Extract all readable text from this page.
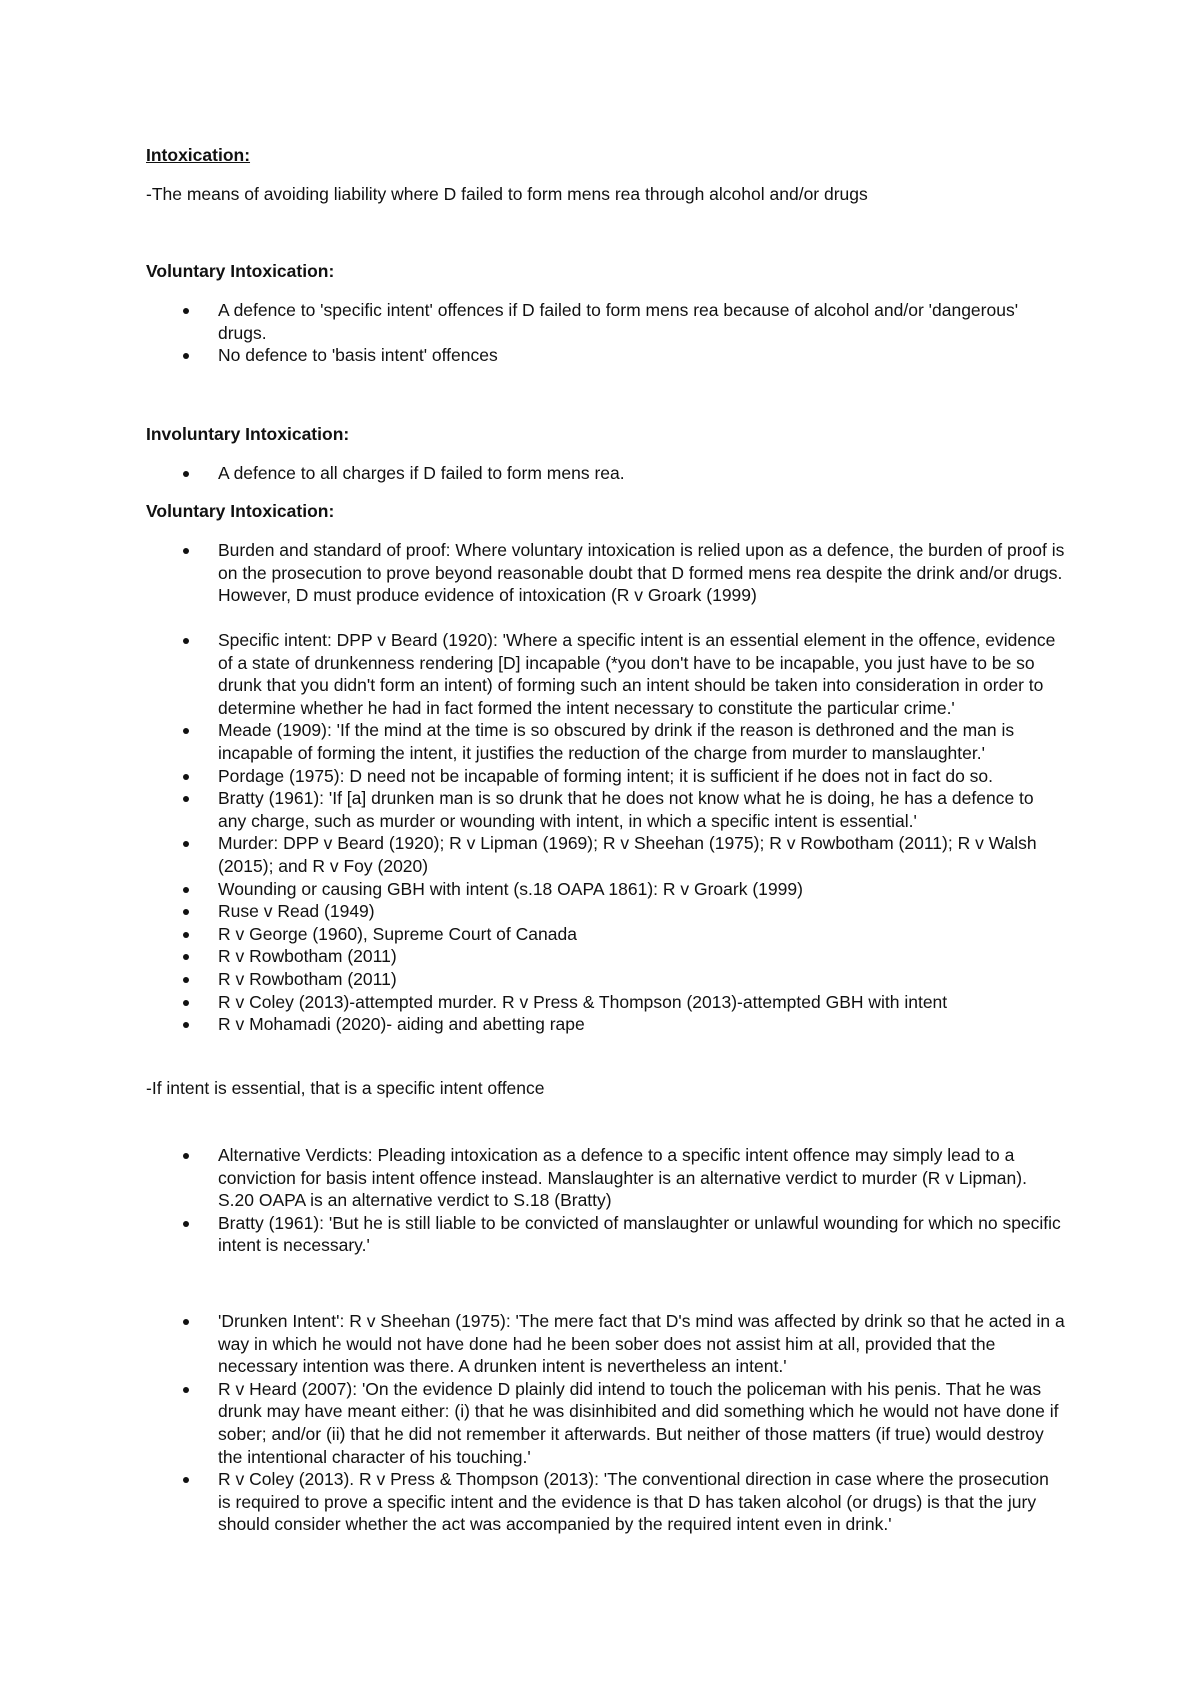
Intoxication:

-The means of avoiding liability where D failed to form mens rea through alcohol and/or drugs

Voluntary Intoxication:

A defence to 'specific intent' offences if D failed to form mens rea because of alcohol and/or 'dangerous' drugs.
No defence to 'basis intent' offences

Involuntary Intoxication:

A defence to all charges if D failed to form mens rea.

Voluntary Intoxication:

Burden and standard of proof: Where voluntary intoxication is relied upon as a defence, the burden of proof is on the prosecution to prove beyond reasonable doubt that D formed mens rea despite the drink and/or drugs. However, D must produce evidence of intoxication (R v Groark (1999)
Specific intent: DPP v Beard (1920): 'Where a specific intent is an essential element in the offence, evidence of a state of drunkenness rendering [D] incapable (*you don't have to be incapable, you just have to be so drunk that you didn't form an intent) of forming such an intent should be taken into consideration in order to determine whether he had in fact formed the intent necessary to constitute the particular crime.'
Meade (1909): 'If the mind at the time is so obscured by drink if the reason is dethroned and the man is incapable of forming the intent, it justifies the reduction of the charge from murder to manslaughter.'
Pordage (1975): D need not be incapable of forming intent; it is sufficient if he does not in fact do so.
Bratty (1961): 'If [a] drunken man is so drunk that he does not know what he is doing, he has a defence to any charge, such as murder or wounding with intent, in which a specific intent is essential.'
Murder: DPP v Beard (1920); R v Lipman (1969); R v Sheehan (1975); R v Rowbotham (2011); R v Walsh (2015); and R v Foy (2020)
Wounding or causing GBH with intent (s.18 OAPA 1861): R v Groark (1999)
Ruse v Read (1949)
R v George (1960), Supreme Court of Canada
R v Rowbotham (2011)
R v Rowbotham (2011)
R v Coley (2013)-attempted murder. R v Press & Thompson (2013)-attempted GBH with intent
R v Mohamadi (2020)- aiding and abetting rape

-If intent is essential, that is a specific intent offence

Alternative Verdicts: Pleading intoxication as a defence to a specific intent offence may simply lead to a conviction for basis intent offence instead. Manslaughter is an alternative verdict to murder (R v Lipman). S.20 OAPA is an alternative verdict to S.18 (Bratty)
Bratty (1961): 'But he is still liable to be convicted of manslaughter or unlawful wounding for which no specific intent is necessary.'
'Drunken Intent': R v Sheehan (1975): 'The mere fact that D's mind was affected by drink so that he acted in a way in which he would not have done had he been sober does not assist him at all, provided that the necessary intention was there. A drunken intent is nevertheless an intent.'
R v Heard (2007): 'On the evidence D plainly did intend to touch the policeman with his penis. That he was drunk may have meant either: (i) that he was disinhibited and did something which he would not have done if sober; and/or (ii) that he did not remember it afterwards. But neither of those matters (if true) would destroy the intentional character of his touching.'
R v Coley (2013). R v Press & Thompson (2013): 'The conventional direction in case where the prosecution is required to prove a specific intent and the evidence is that D has taken alcohol (or drugs) is that the jury should consider whether the act was accompanied by the required intent even in drink.'
